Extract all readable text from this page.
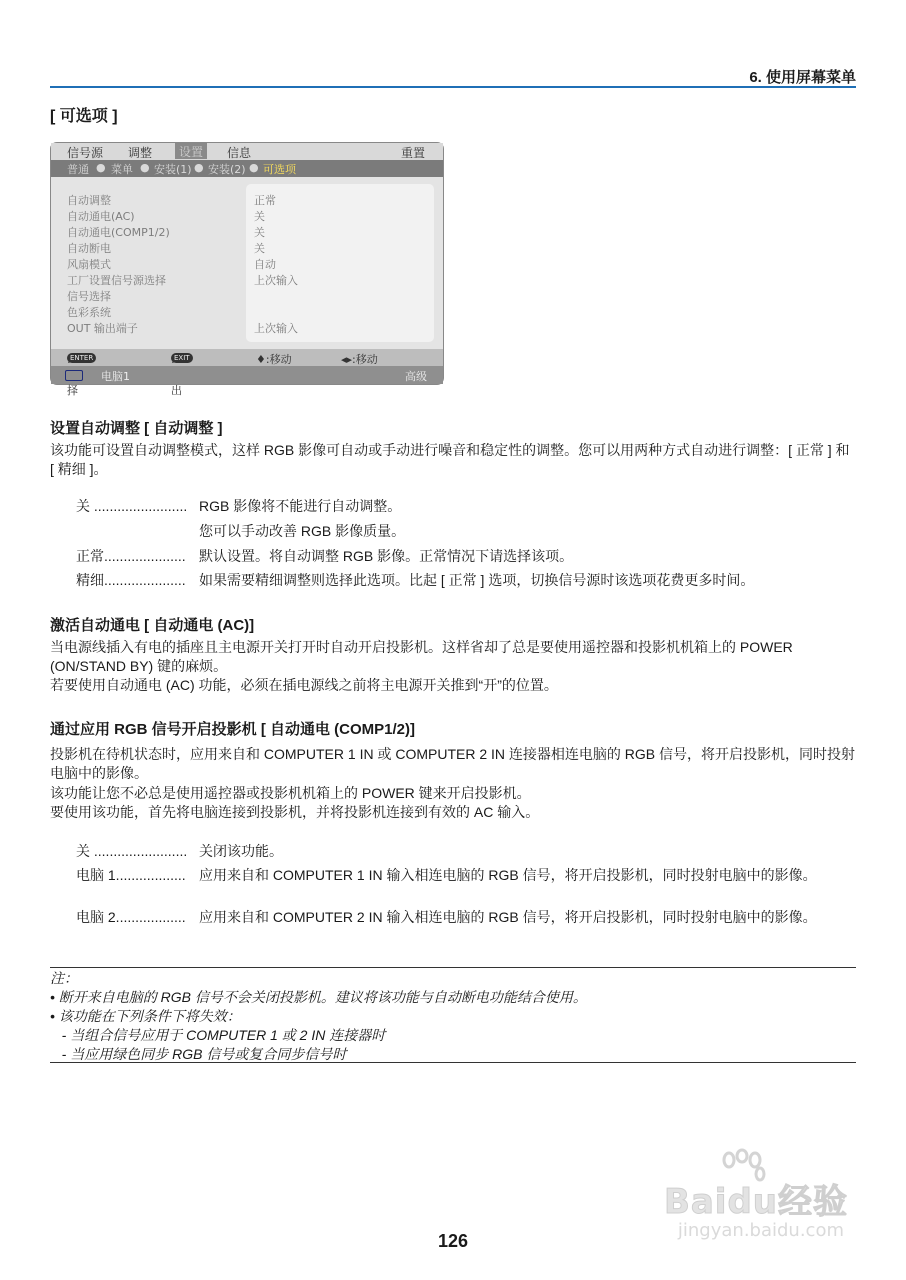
6. 使用屏幕菜单
[ 可选项 ]
信号源 调整	设置	信息	重置
普通 ● 菜单 ● 安装(1) ● 安装(2) ● 可选项
自动调整	正常
自动通电(AC)	关
自动通电(COMP1/2)	关
自动断电	关
风扇模式	自动
工厂设置信号源选择	上次输入
信号选择
色彩系统
OUT 输出端子	上次输入
ENTER
: 择
EXIT
: 出
♦:移动	◂▸:移动
电脑1	高级
设置自动调整 [ 自动调整 ]

该功能可设置自动调整模式，这样 RGB 影像可自动或手动进行噪音和稳定性的调整。您可以用两种方式自动进行调整：[ 正常 ] 和 [ 精细 ]。

关 ........................ RGB 影像将不能进行自动调整。
您可以手动改善 RGB 影像质量。
正常..................... 默认设置。将自动调整 RGB 影像。正常情况下请选择该项。
精细..................... 如果需要精细调整则选择此选项。比起 [ 正常 ] 选项，切换信号源时该选项花费更多时间。
激活自动通电 [ 自动通电 (AC)]

当电源线插入有电的插座且主电源开关打开时自动开启投影机。这样省却了总是要使用遥控器和投影机机箱上的 POWER (ON/STAND BY) 键的麻烦。

若要使用自动通电 (AC) 功能，必须在插电源线之前将主电源开关推到“开”的位置。

通过应用 RGB 信号开启投影机 [ 自动通电 (COMP1/2)]

投影机在待机状态时，应用来自和 COMPUTER 1 IN 或 COMPUTER 2 IN 连接器相连电脑的 RGB 信号，将开启投影机，同时投射电脑中的影像。

该功能让您不必总是使用遥控器或投影机机箱上的 POWER 键来开启投影机。

要使用该功能，首先将电脑连接到投影机，并将投影机连接到有效的 AC 输入。

关 ........................ 关闭该功能。
电脑 1.................. 应用来自和 COMPUTER 1 IN 输入相连电脑的 RGB 信号，将开启投影机，同时投射电脑中的影像。
电脑 2.................. 应用来自和 COMPUTER 2 IN 输入相连电脑的 RGB 信号，将开启投影机，同时投射电脑中的影像。
注：
• 断开来自电脑的 RGB 信号不会关闭投影机。建议将该功能与自动断电功能结合使用。
• 该功能在下列条件下将失效：
- 当组合信号应用于 COMPUTER 1 或 2 IN 连接器时
- 当应用绿色同步 RGB 信号或复合同步信号时
Baidu经验
jingyan.baidu.com
126
